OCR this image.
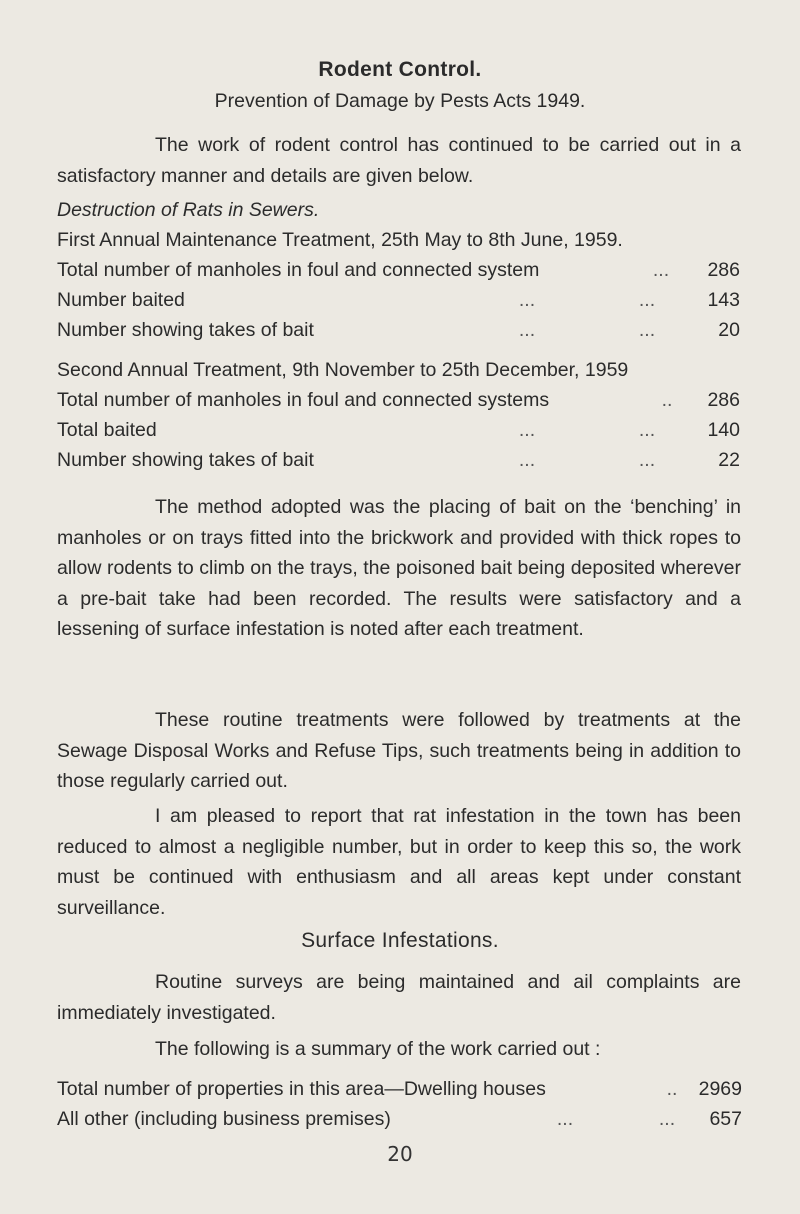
Rodent Control.
Prevention of Damage by Pests Acts 1949.

The work of rodent control has continued to be carried out in a satisfactory manner and details are given below.

Destruction of Rats in Sewers.
First Annual Maintenance Treatment, 25th May to 8th June, 1959.
Total number of manholes in foul and connected system	...	286
Number baited	...	...	143
Number showing takes of bait	...	...	20
Second Annual Treatment, 9th November to 25th December, 1959
Total number of manholes in foul and connected systems	..	286
Total baited	...	...	140
Number showing takes of bait	...	...	22

The method adopted was the placing of bait on the ‘benching’ in manholes or on trays fitted into the brickwork and provided with thick ropes to allow rodents to climb on the trays, the poisoned bait being deposited wherever a pre-bait take had been recorded. The results were satisfactory and a lessening of surface infestation is noted after each treatment.

These routine treatments were followed by treatments at the Sewage Disposal Works and Refuse Tips, such treatments being in addition to those regularly carried out.

I am pleased to report that rat infestation in the town has been reduced to almost a negligible number, but in order to keep this so, the work must be continued with enthusiasm and all areas kept under constant surveillance.

Surface Infestations.

Routine surveys are being maintained and ail complaints are immediately investigated.

The following is a summary of the work carried out :
Total number of properties in this area—Dwelling houses	..	2969
All other (including business premises)	...	...	657
20
